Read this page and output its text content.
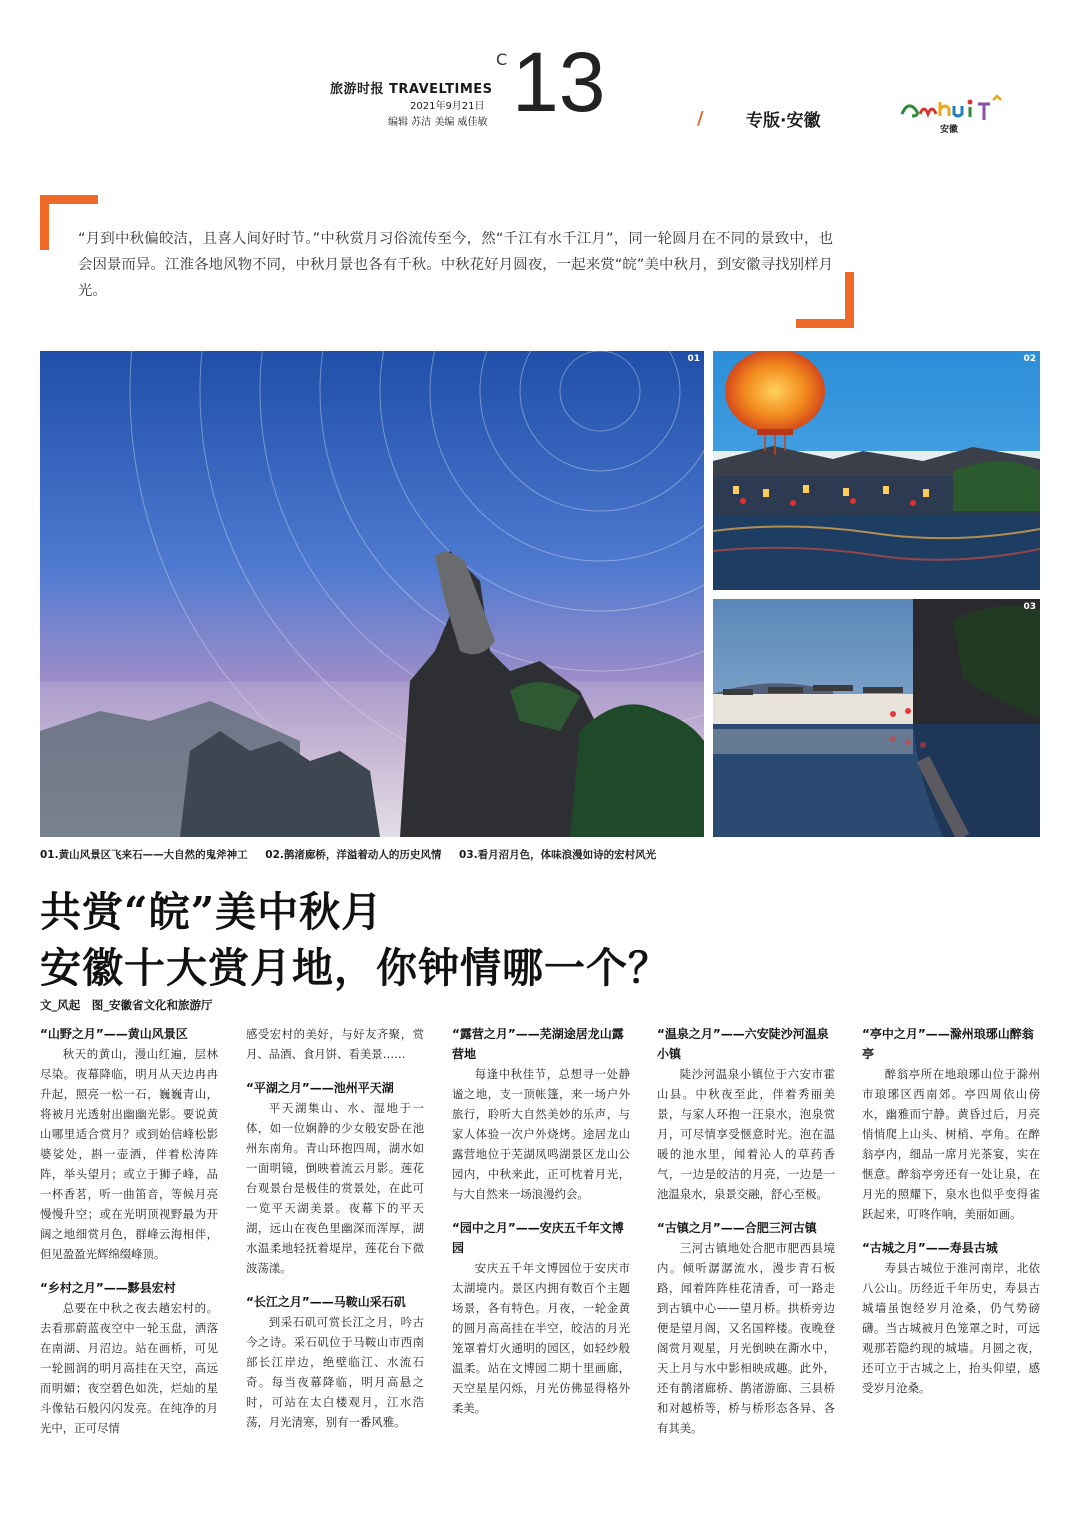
旅游时报 TRAVELTIMES
2021年9月21日
编辑 苏洁 美编 威佳敏
C 13	/ 专版·安徽	安徽
“月到中秋偏皎洁，且喜人间好时节。”中秋赏月习俗流传至今，然“千江有水千江月”，同一轮圆月在不同的景致中，也会因景而异。江淮各地风物不同，中秋月景也各有千秋。中秋花好月圆夜，一起来赏“皖”美中秋月，到安徽寻找别样月光。
01	02
03
01.黄山风景区飞来石——大自然的鬼斧神工 02.鹊渚廊桥，洋溢着动人的历史风情 03.看月沼月色，体味浪漫如诗的宏村风光
共赏“皖”美中秋月
安徽十大赏月地，你钟情哪一个？
文_风起　图_安徽省文化和旅游厅
“山野之月”——黄山风景区

秋天的黄山，漫山红遍，层林尽染。夜幕降临，明月从天边冉冉升起，照亮一松一石，巍巍青山，将被月光透射出幽幽光影。要说黄山哪里适合赏月？或到始信峰松影婆娑处，斟一壶酒，伴着松涛阵阵，举头望月；或立于狮子峰，品一杯香茗，听一曲笛音，等候月亮慢慢升空；或在光明顶视野最为开阔之地细赏月色，群峰云海相伴，但见盈盈光辉绵缀峰顶。

“乡村之月”——黟县宏村

总要在中秋之夜去趟宏村的。去看那蔚蓝夜空中一轮玉盘，洒落在南湖、月沼边。站在画桥，可见一轮圆润的明月高挂在天空，高远而明媚；夜空碧色如洗，烂灿的星斗像钻石般闪闪发亮。在纯净的月光中，正可尽情

感受宏村的美好，与好友齐聚，赏月、品酒、食月饼、看美景……

“平湖之月”——池州平天湖

平天湖集山、水、湿地于一体，如一位娴静的少女般安卧在池州东南角。青山环抱四周，湖水如一面明镜，倒映着流云月影。莲花台观景台是极佳的赏景处，在此可一览平天湖美景。夜幕下的平天湖，远山在夜色里幽深而浑厚，湖水温柔地轻抚着堤岸，莲花台下微波荡漾。

“长江之月”——马鞍山采石矶

到采石矶可赏长江之月，吟古今之诗。采石矶位于马鞍山市西南部长江岸边，绝壁临江、水流石奇。每当夜幕降临，明月高悬之时，可站在太白楼观月，江水浩荡，月光清寒，别有一番风雅。

“露营之月”——芜湖途居龙山露营地

每逢中秋佳节，总想寻一处静谧之地，支一顶帐篷，来一场户外旅行，聆听大自然美妙的乐声，与家人体验一次户外烧烤。途居龙山露营地位于芜湖凤鸣湖景区龙山公园内，中秋来此，正可枕着月光，与大自然来一场浪漫约会。

“园中之月”——安庆五千年文博园

安庆五千年文博园位于安庆市太湖境内。景区内拥有数百个主题场景，各有特色。月夜，一轮金黄的圆月高高挂在半空，皎洁的月光笼罩着灯火通明的园区，如轻纱般温柔。站在文博园二期十里画廊，天空星星闪烁，月光仿佛显得格外柔美。

“温泉之月”——六安陡沙河温泉小镇

陡沙河温泉小镇位于六安市霍山县。中秋夜至此，伴着秀丽美景，与家人环抱一汪泉水，泡泉赏月，可尽情享受惬意时光。泡在温暖的池水里，闻着沁人的草药香气，一边是皎洁的月亮，一边是一池温泉水，泉景交融，舒心至极。

“古镇之月”——合肥三河古镇

三河古镇地处合肥市肥西县境内。倾听潺潺流水，漫步青石板路，闻着阵阵桂花清香，可一路走到古镇中心——望月桥。拱桥旁边便是望月阁，又名国粹楼。夜晚登阁赏月观星，月光倒映在澌水中，天上月与水中影相映成趣。此外，还有鹊渚廊桥、鹊渚游廊、三县桥和对越桥等，桥与桥形态各异、各有其美。

“亭中之月”——滁州琅琊山醉翁亭

醉翁亭所在地琅琊山位于滁州市琅琊区西南郊。亭四周依山傍水，幽雅而宁静。黄昏过后，月亮悄悄爬上山头、树梢、亭角。在醉翁亭内，细品一席月光茶宴，实在惬意。醉翁亭旁还有一处让泉，在月光的照耀下，泉水也似乎变得雀跃起来，叮咚作响，美丽如画。

“古城之月”——寿县古城

寿县古城位于淮河南岸，北依八公山。历经近千年历史，寿县古城墙虽饱经岁月沧桑，仍气势磅礴。当古城被月色笼罩之时，可远观那若隐约现的城墙。月圆之夜，还可立于古城之上，抬头仰望，感受岁月沧桑。
